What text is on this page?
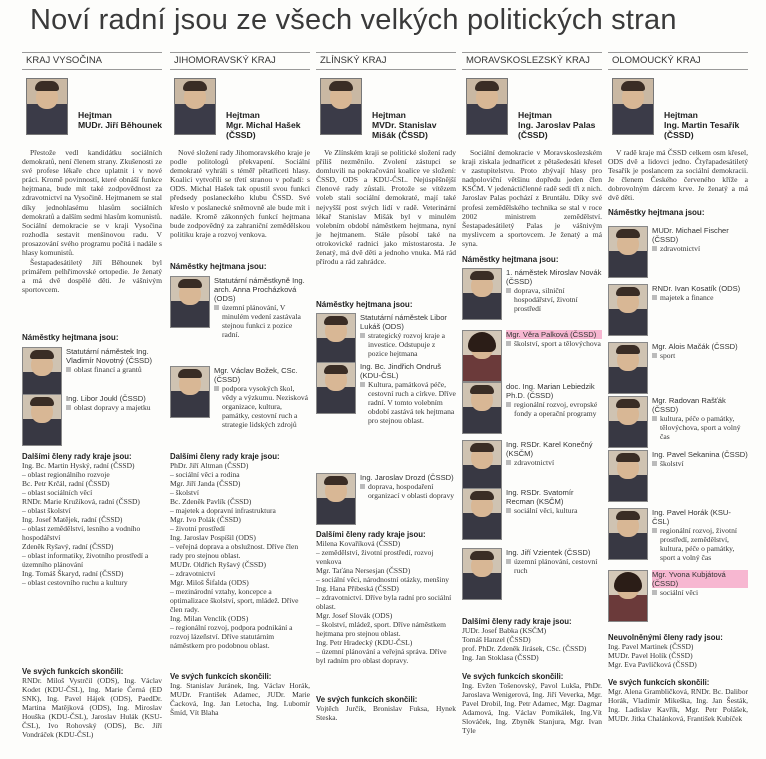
Noví radní jsou ze všech velkých politických stran
KRAJ VYSOČINA
Hejtman
MUDr. Jiří Běhounek

Přestože vedl kandidátku sociálních demokratů, není členem strany. Zkušenosti ze své profese lékaře chce uplatnit i v nové práci. Kromě povinností, které obnáší funkce hejtmana, bude mít také zodpovědnost za zdravotnictví na Vysočině. Hejtmanem se stal díky jednohlasému hlasům sociálních demokratů a dalším sedmi hlasům komunistů. Sociální demokracie se v kraji Vysočina rozhodla sestavit menšinovou radu. V prosazování svého programu počítá i nadále s hlasy komunistů.

Šestapadesátiletý Jiří Běhounek byl primářem pelhřimovské ortopedie. Je ženatý a má dvě dospělé děti. Je vášnivým sportovcem.

Náměstky hejtmana jsou:
Statutární náměstek Ing. Vladimír Novotný (ČSSD)
oblast financí a grantů
Ing. Libor Joukl (ČSSD)
oblast dopravy a majetku
Dalšími členy rady kraje jsou:
Ing. Bc. Martin Hyský, radní (ČSSD)
– oblast regionálního rozvoje
Bc. Petr Krčál, radní (ČSSD)
– oblast sociálních věcí
RNDr. Marie Kružíková, radní (ČSSD)
– oblast školství
Ing. Josef Matějek, radní (ČSSD)
– oblast zemědělství, lesního a vodního hospodářství
Zdeněk Ryšavý, radní (ČSSD)
– oblast informatiky, životního prostředí a územního plánování
Ing. Tomáš Škaryd, radní (ČSSD)
– oblast cestovního ruchu a kultury
Ve svých funkcích skončili:
RNDr. Miloš Vystrčil (ODS), Ing. Václav Kodet (KDU-ČSL), Ing. Marie Černá (ED SNK), Ing. Pavel Hájek (ODS), PaedDr. Martina Matějková (ODS), Ing. Miroslav Houška (KDU-ČSL), Jaroslav Hulák (KSU-ČSL), Ivo Rohovský (ODS), Bc. Jiří Vondráček (KDU-ČSL)
JIHOMORAVSKÝ KRAJ
Hejtman
Mgr. Michal Hašek (ČSSD)

Nové složení rady Jihomoravského kraje je podle politologů překvapení. Sociální demokraté vyhráli s téměř pětatřiceti hlasy. Koalici vytvořili se třetí stranou v pořadí: s ODS. Michal Hašek tak opustil svou funkci předsedy poslaneckého klubu ČSSD. Své křeslo v poslanecké sněmovně ale bude mít i nadále. Kromě zákonných funkcí hejtmana bude zodpovědný za zahraniční zemědělskou politiku kraje a rozvoj venkova.

Náměstky hejtmana jsou:
Statutární náměstkyně Ing. arch. Anna Procházková (ODS)
územní plánování, V minulém vedení zastávala stejnou funkci z pozice radní.
Mgr. Václav Božek, CSc. (ČSSD)
podpora vysokých škol, vědy a výzkumu. Nezisková organizace, kultura, památky, cestovní ruch a strategie lidských zdrojů
Dalšími členy rady kraje jsou:
PhDr. Jiří Altman (ČSSD)
– sociální věci a rodina
Mgr. Jiří Janda (ČSSD)
– školství
Bc. Zdeněk Pavlík (ČSSD)
– majetek a dopravní infrastruktura
Mgr. Ivo Polák (ČSSD)
– životní prostředí
Ing. Jaroslav Pospíšil (ODS)
– veřejná doprava a obslužnost. Dříve člen rady pro stejnou oblast.
MUDr. Oldřich Ryšavý (ČSSD)
– zdravotnictví
Mgr. Miloš Šifalda (ODS)
– mezinárodní vztahy, koncepce a optimalizace školství, sport, mládež. Dříve člen rady.
Ing. Milan Venclík (ODS)
– regionální rozvoj, podpora podnikání a rozvoj lázeňství. Dříve statutárním náměstkem pro podobnou oblast.
Ve svých funkcích skončili:
Ing. Stanislav Juránek, Ing. Václav Horák, MUDr. František Adamec, JUDr. Marie Čacková, Ing. Jan Letocha, Ing. Lubomír Šmíd, Vít Blaha
ZLÍNSKÝ KRAJ
Hejtman
MVDr. Stanislav Mišák (ČSSD)

Ve Zlínském kraji se politické složení rady příliš nezměnilo. Zvolení zástupci se domluvili na pokračování koalice ve složení: ČSSD, ODS a KDU-ČSL. Nejúspěšnější členové rady zůstali. Protože se vítězem voleb stali sociální demokraté, mají také nejvyšší post svých lidí v radě. Veterinární lékař Stanislav Mišák byl v minulém volebním období náměstkem hejtmana, nyní je hejtmanem. Stále působí také na otrokovické radnici jako místostarosta. Je ženatý, má dvě děti a jednoho vnuka. Má rád přírodu a rád zahrádce.

Náměstky hejtmana jsou:
Statutární náměstek Libor Lukáš (ODS)
strategický rozvoj kraje a investice. Odstupuje z pozice hejtmana
Ing. Bc. Jindřich Ondruš (KDU-ČSL)
Kultura, památková péče, cestovní ruch a církve. Dříve radní. V tomto volebním období zastává tek hejtmana pro stejnou oblast.
Ing. Jaroslav Drozd (ČSSD)
doprava, hospodaření organizací v oblasti dopravy
Dalšími členy rady kraje jsou:
Milena Kovaříková (ČSSD)
– zemědělství, životní prostředí, rozvoj venkova
Mgr. Taťána Nersesjan (ČSSD)
– sociální věci, národnostní otázky, menšiny
Ing. Hana Přibeská (ČSSD)
– zdravotnictví. Dříve byla radní pro sociální oblast.
Mgr. Josef Slovák (ODS)
– školství, mládež, sport. Dříve náměstkem hejtmana pro stejnou oblast.
Ing. Petr Hradecký (KDU-ČSL)
– územní plánování a veřejná správa. Dříve byl radním pro oblast dopravy.
Ve svých funkcích skončili:
Vojtěch Jurčík, Bronislav Fuksa, Hynek Steska.
MORAVSKOSLEZSKÝ KRAJ
Hejtman
Ing. Jaroslav Palas (ČSSD)

Sociální demokracie v Moravskoslezském kraji získala jednatřicet z pětašedesáti křesel v zastupitelstvu. Proto zbývají hlasy pro nadpoloviční většinu dopředu jeden člen KSČM. V jedenáctičlenné radě sedí tři z nich. Jaroslav Palas pochází z Bruntálu. Díky své profesi zemědělského technika se stal v roce 2002 ministrem zemědělství. Šestapadesátiletý Palas je vášnivým myslivcem a sportovcem. Je ženatý a má syna.

Náměstky hejtmana jsou:
1. náměstek Miroslav Novák (ČSSD)
doprava, silniční hospodářství, životní prostředí
Mgr. Věra Palková (ČSSD)
školství, sport a tělovýchova
doc. Ing. Marian Lebiedzik Ph.D. (ČSSD)
regionální rozvoj, evropské fondy a operační programy
Ing. RSDr. Karel Konečný (KSČM)
zdravotnictví
Ing. RSDr. Svatomír Recman (KSČM)
sociální věci, kultura
Ing. Jiří Vzientek (ČSSD)
územní plánování, cestovní ruch
Dalšími členy rady kraje jsou:
JUDr. Josef Babka (KSČM)
Tomáš Hanzel (ČSSD)
prof. PhDr. Zdeněk Jirásek, CSc. (ČSSD)
Ing. Jan Stoklasa (ČSSD)
Ve svých funkcích skončili:
Ing. Evžen Tošenovský, Pavol Lukša, PhDr. Jaroslava Wenigerová, Ing. Jiří Veverka, Mgr. Pavel Drobil, Ing. Petr Adamec, Mgr. Dagmar Adamová, Ing. Václav Pomikálek, Ing.Vít Slováček, Ing. Zbyněk Stanjura, Mgr. Ivan Týle
OLOMOUCKÝ KRAJ
Hejtman
Ing. Martin Tesařík (ČSSD)

V radě kraje má ČSSD celkem osm křesel, ODS dvě a lidovci jedno. Čtyřapadesátiletý Tesařík je poslancem za sociální demokracii. Je členem Českého červeného kříže a dobrovolným dárcem krve. Je ženatý a má dvě děti.

Náměstky hejtmana jsou:
MUDr. Michael Fischer (ČSSD)
zdravotnictví
RNDr. Ivan Kosatík (ODS)
majetek a finance
Mgr. Alois Mačák (ČSSD)
sport
Mgr. Radovan Rašťák (ČSSD)
kultura, péče o památky, tělovýchova, sport a volný čas
Ing. Pavel Sekanina (ČSSD)
školství
Ing. Pavel Horák (KSU-ČSL)
regionální rozvoj, životní prostředí, zemědělství, kultura, péče o památky, sport a volný čas
Mgr. Yvona Kubjátová (ČSSD)
sociální věci
Neuvolněnými členy rady jsou:
Ing. Pavel Martinek (ČSSD)
MUDr. Pavel Holík (ČSSD)
Mgr. Eva Pavlíčková (ČSSD)
Ve svých funkcích skončili:
Mgr. Alena Grambličková, RNDr. Bc. Dalibor Horák, Vladimír Mikeška, Ing. Jan Šesták, Ing. Ladislav Kavřík, Mgr. Petr Polášek, MUDr. Jitka Chalánková, František Kubíček
